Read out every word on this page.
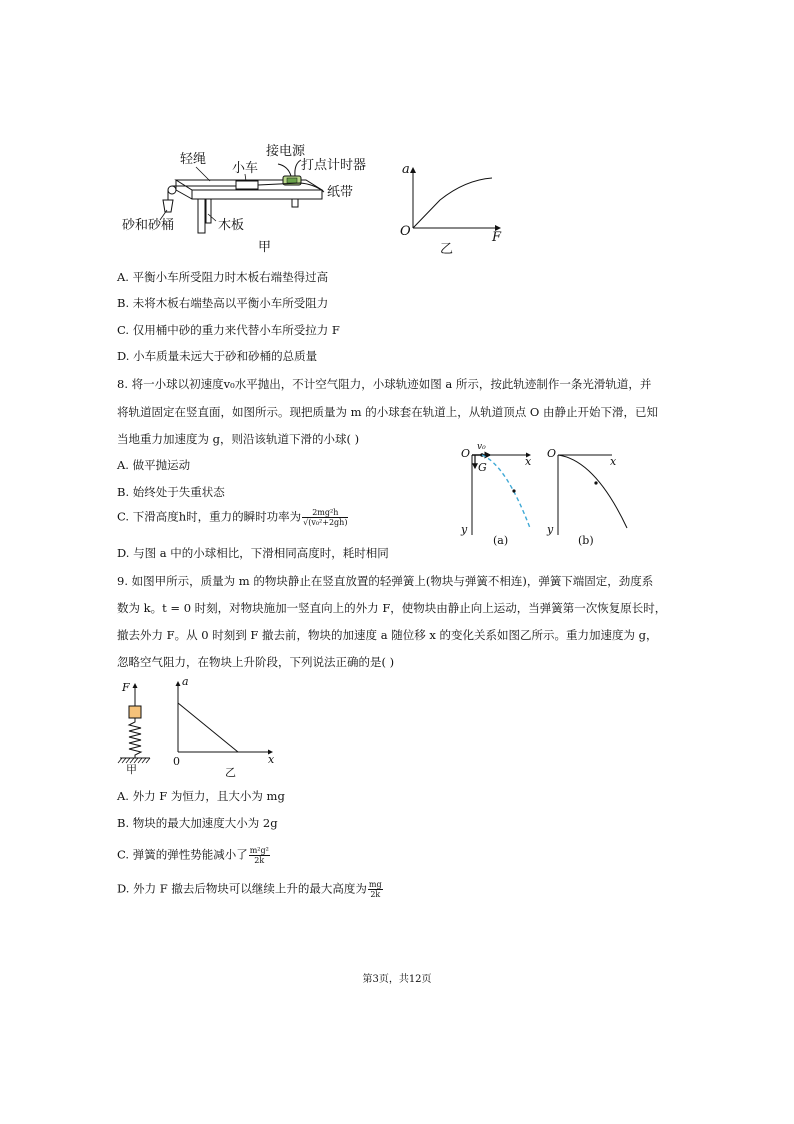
轻绳
小车
接电源
打点计时器
纸带
砂和砂桶	木板
甲
a
F
O
乙
A. 平衡小车所受阻力时木板右端垫得过高
B. 未将木板右端垫高以平衡小车所受阻力
C. 仅用桶中砂的重力来代替小车所受拉力 F
D. 小车质量未远大于砂和砂桶的总质量
8. 将一小球以初速度v₀水平抛出，不计空气阻力，小球轨迹如图 a 所示，按此轨迹制作一条光滑轨道，并
将轨道固定在竖直面，如图所示。现把质量为 m 的小球套在轨道上，从轨道顶点 O 由静止开始下滑，已知
当地重力加速度为 g，则沿该轨道下滑的小球( )
A. 做平抛运动
B. 始终处于失重状态
C. 下滑高度h时，重力的瞬时功率为 $\frac{\text{2mg²h}}{\text{√(v₀²+2gh)}}$
D. 与图 a 中的小球相比，下滑相同高度时，耗时相同
O v₀
G	x
y
(a)
O
x
y
(b)
9. 如图甲所示，质量为 m 的物块静止在竖直放置的轻弹簧上(物块与弹簧不相连)，弹簧下端固定，劲度系
数为 k。t = 0 时刻，对物块施加一竖直向上的外力 F，使物块由静止向上运动，当弹簧第一次恢复原长时，
撤去外力 F。从 0 时刻到 F 撤去前，物块的加速度 a 随位移 x 的变化关系如图乙所示。重力加速度为 g，
忽略空气阻力，在物块上升阶段，下列说法正确的是( )
F
甲
a
x
0
乙
A. 外力 F 为恒力，且大小为 mg
B. 物块的最大加速度大小为 2g
C. 弹簧的弹性势能减小了 $\frac{\text{m²g²}}{2k}$
D. 外力 F 撤去后物块可以继续上升的最大高度为 $\frac{mg}{2k}$
第3页，共12页
